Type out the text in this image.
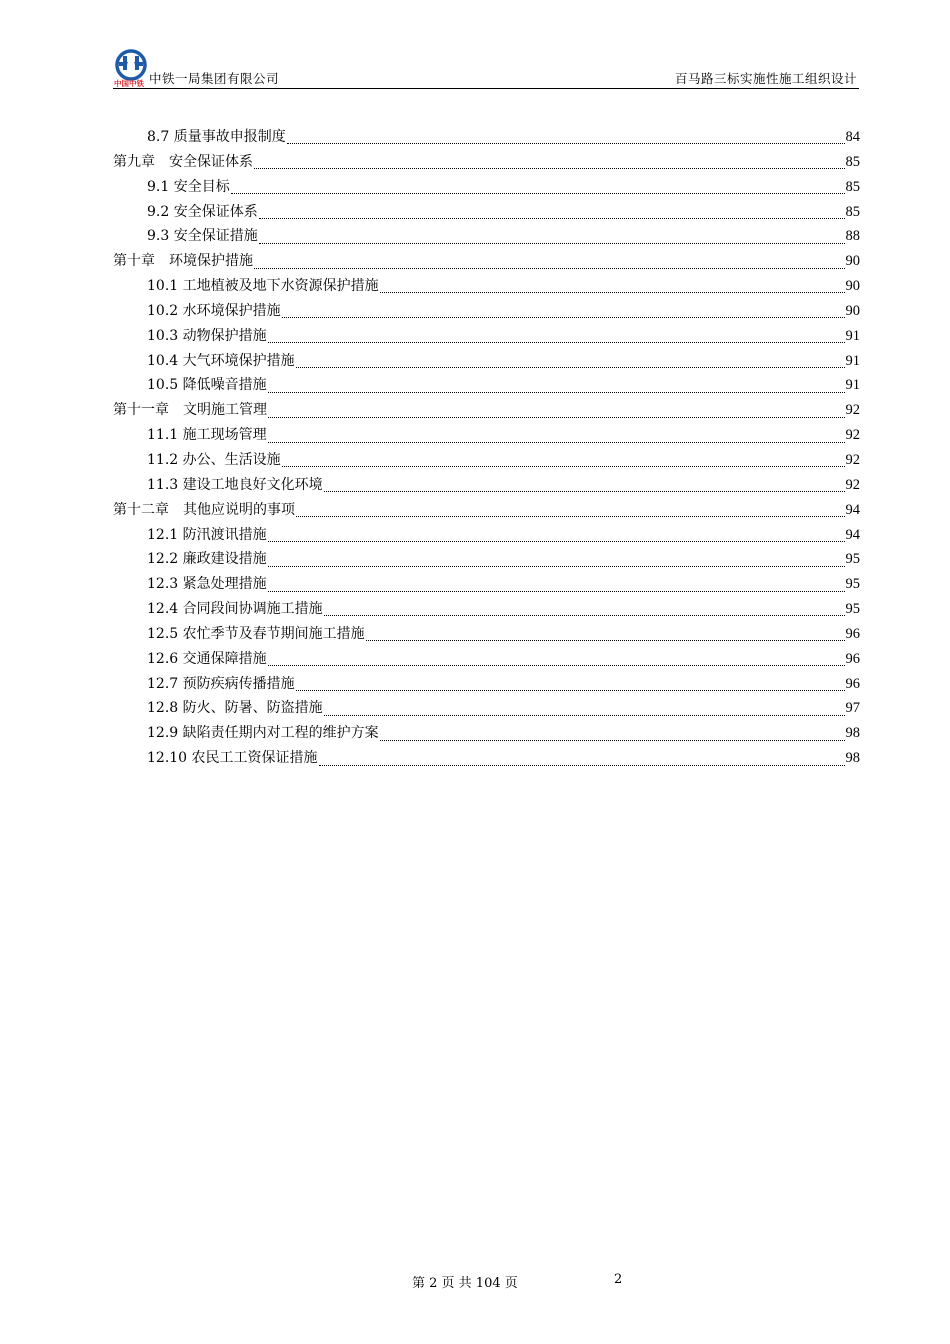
中国中铁 中铁一局集团有限公司	百马路三标实施性施工组织设计
8.7 质量事故申报制度	84
第九章　安全保证体系	85
9.1 安全目标	85
9.2 安全保证体系	85
9.3 安全保证措施	88
第十章　环境保护措施	90
10.1 工地植被及地下水资源保护措施	90
10.2 水环境保护措施	90
10.3 动物保护措施	91
10.4 大气环境保护措施	91
10.5 降低噪音措施	91
第十一章　文明施工管理	92
11.1 施工现场管理	92
11.2 办公、生活设施	92
11.3 建设工地良好文化环境	92
第十二章　其他应说明的事项	94
12.1 防汛渡讯措施	94
12.2 廉政建设措施	95
12.3 紧急处理措施	95
12.4 合同段间协调施工措施	95
12.5 农忙季节及春节期间施工措施	96
12.6 交通保障措施	96
12.7 预防疾病传播措施	96
12.8 防火、防暑、防盗措施	97
12.9 缺陷责任期内对工程的维护方案	98
12.10 农民工工资保证措施	98
第 2 页 共 104 页	2
